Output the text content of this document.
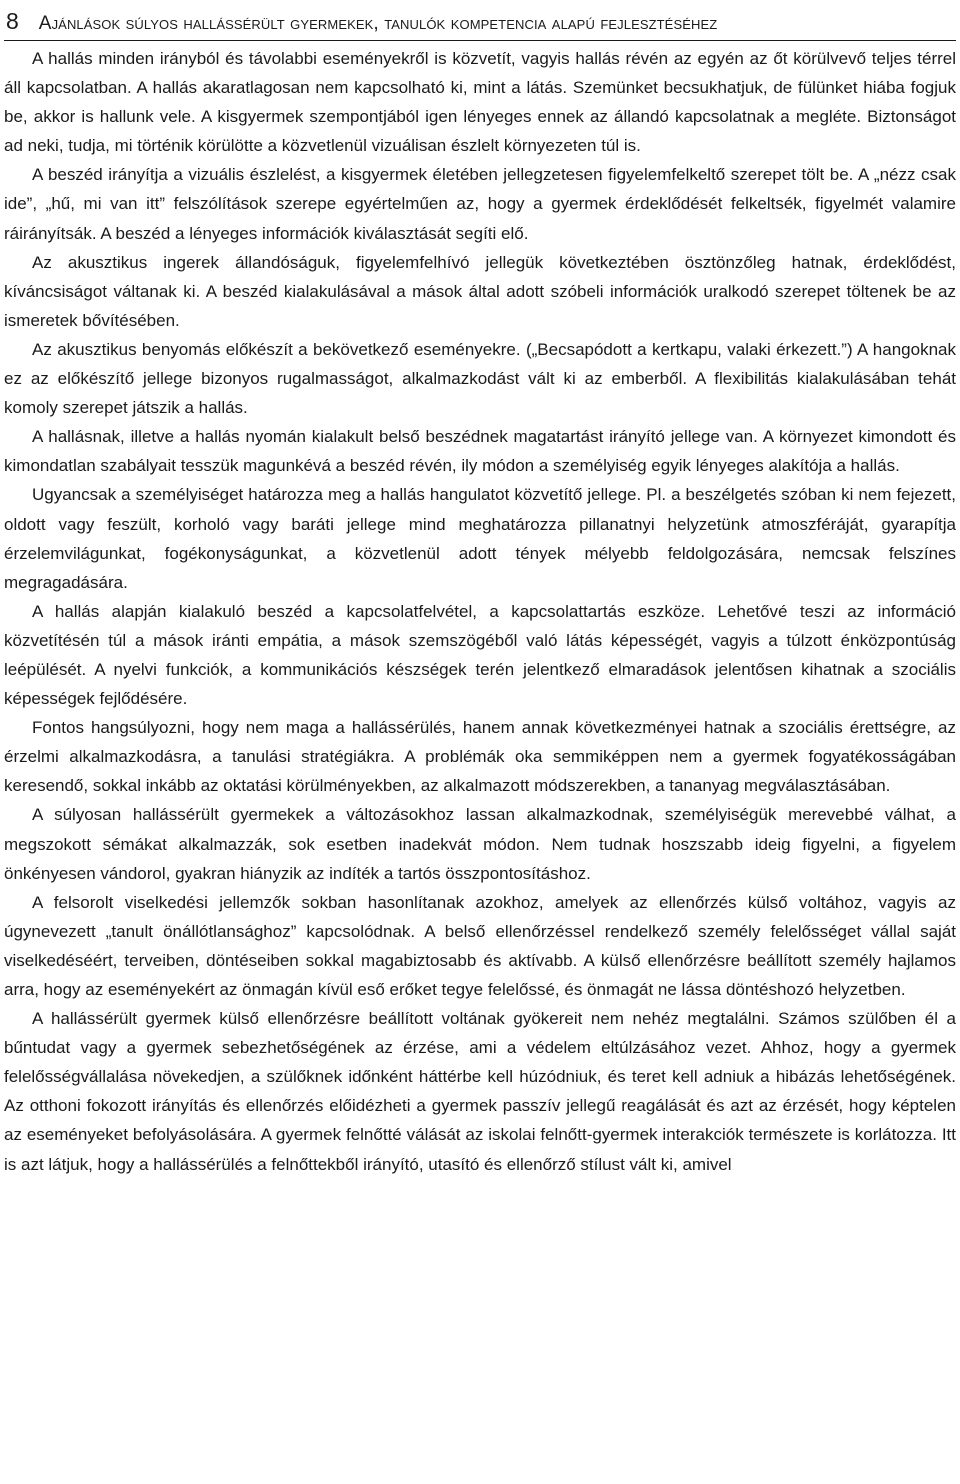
8 Ajánlások súlyos hallássérült gyermekek, tanulók kompetencia alapú fejlesztéséhez

A hallás minden irányból és távolabbi eseményekről is közvetít, vagyis hallás révén az egyén az őt körülvevő teljes térrel áll kapcsolatban. A hallás akaratlagosan nem kapcsolható ki, mint a látás. Szemünket becsukhatjuk, de fülünket hiába fogjuk be, akkor is hallunk vele. A kisgyermek szempontjából igen lényeges ennek az állandó kapcsolatnak a megléte. Biztonságot ad neki, tudja, mi történik körülötte a közvetlenül vizuálisan észlelt környezeten túl is.

A beszéd irányítja a vizuális észlelést, a kisgyermek életében jellegzetesen figyelemfelkeltő szerepet tölt be. A „nézz csak ide”, „hű, mi van itt” felszólítások szerepe egyértelműen az, hogy a gyermek érdeklődését felkeltsék, figyelmét valamire ráirányítsák. A beszéd a lényeges információk kiválasztását segíti elő.

Az akusztikus ingerek állandóságuk, figyelemfelhívó jellegük következtében ösztönzőleg hatnak, érdeklődést, kíváncsiságot váltanak ki. A beszéd kialakulásával a mások által adott szóbeli információk uralkodó szerepet töltenek be az ismeretek bővítésében.

Az akusztikus benyomás előkészít a bekövetkező eseményekre. („Becsapódott a kertkapu, valaki érkezett.”) A hangoknak ez az előkészítő jellege bizonyos rugalmasságot, alkalmazkodást vált ki az emberből. A flexibilitás kialakulásában tehát komoly szerepet játszik a hallás.

A hallásnak, illetve a hallás nyomán kialakult belső beszédnek magatartást irányító jellege van. A környezet kimondott és kimondatlan szabályait tesszük magunkévá a beszéd révén, ily módon a személyiség egyik lényeges alakítója a hallás.

Ugyancsak a személyiséget határozza meg a hallás hangulatot közvetítő jellege. Pl. a beszélgetés szóban ki nem fejezett, oldott vagy feszült, korholó vagy baráti jellege mind meghatározza pillanatnyi helyzetünk atmoszféráját, gyarapítja érzelemvilágunkat, fogékonyságunkat, a közvetlenül adott tények mélyebb feldolgozására, nemcsak felszínes megragadására.

A hallás alapján kialakuló beszéd a kapcsolatfelvétel, a kapcsolattartás eszköze. Lehetővé teszi az információ közvetítésén túl a mások iránti empátia, a mások szemszögéből való látás képességét, vagyis a túlzott énközpontúság leépülését. A nyelvi funkciók, a kommunikációs készségek terén jelentkező elmaradások jelentősen kihatnak a szociális képességek fejlődésére.

Fontos hangsúlyozni, hogy nem maga a hallássérülés, hanem annak következményei hatnak a szociális érettségre, az érzelmi alkalmazkodásra, a tanulási stratégiákra. A problémák oka semmiképpen nem a gyermek fogyatékosságában keresendő, sokkal inkább az oktatási körülményekben, az alkalmazott módszerekben, a tananyag megválasztásában.

A súlyosan hallássérült gyermekek a változásokhoz lassan alkalmazkodnak, személyiségük merevebbé válhat, a megszokott sémákat alkalmazzák, sok esetben inadekvát módon. Nem tudnak hoszszabb ideig figyelni, a figyelem önkényesen vándorol, gyakran hiányzik az indíték a tartós összpontosításhoz.

A felsorolt viselkedési jellemzők sokban hasonlítanak azokhoz, amelyek az ellenőrzés külső voltához, vagyis az úgynevezett „tanult önállótlansághoz” kapcsolódnak. A belső ellenőrzéssel rendelkező személy felelősséget vállal saját viselkedéséért, terveiben, döntéseiben sokkal magabiztosabb és aktívabb. A külső ellenőrzésre beállított személy hajlamos arra, hogy az eseményekért az önmagán kívül eső erőket tegye felelőssé, és önmagát ne lássa döntéshozó helyzetben.

A hallássérült gyermek külső ellenőrzésre beállított voltának gyökereit nem nehéz megtalálni. Számos szülőben él a bűntudat vagy a gyermek sebezhetőségének az érzése, ami a védelem eltúlzásához vezet. Ahhoz, hogy a gyermek felelősségvállalása növekedjen, a szülőknek időnként háttérbe kell húzódniuk, és teret kell adniuk a hibázás lehetőségének. Az otthoni fokozott irányítás és ellenőrzés előidézheti a gyermek passzív jellegű reagálását és azt az érzését, hogy képtelen az eseményeket befolyásolására. A gyermek felnőtté válását az iskolai felnőtt-gyermek interakciók természete is korlátozza. Itt is azt látjuk, hogy a hallássérülés a felnőttekből irányító, utasító és ellenőrző stílust vált ki, amivel
